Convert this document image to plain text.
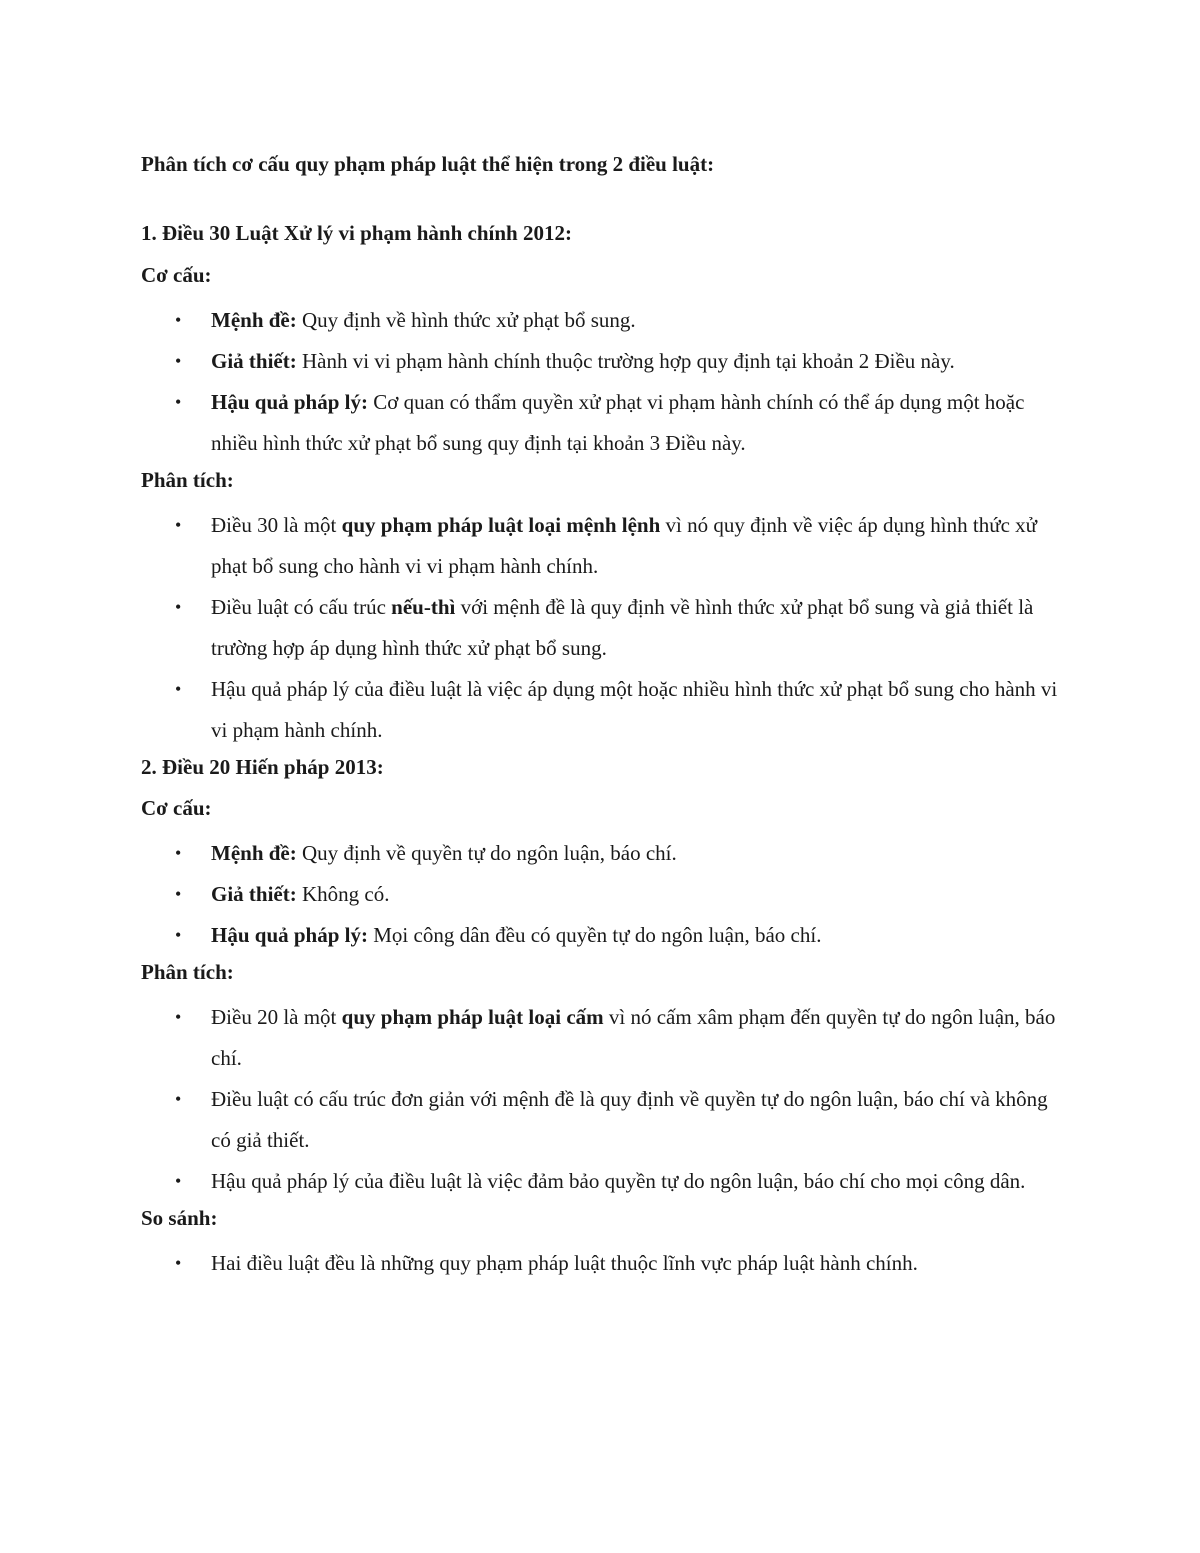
Phân tích cơ cấu quy phạm pháp luật thể hiện trong 2 điều luật:

1. Điều 30 Luật Xử lý vi phạm hành chính 2012:

Cơ cấu:

• Mệnh đề: Quy định về hình thức xử phạt bổ sung.
• Giả thiết: Hành vi vi phạm hành chính thuộc trường hợp quy định tại khoản 2 Điều này.
• Hậu quả pháp lý: Cơ quan có thẩm quyền xử phạt vi phạm hành chính có thể áp dụng một hoặc nhiều hình thức xử phạt bổ sung quy định tại khoản 3 Điều này.

Phân tích:

• Điều 30 là một quy phạm pháp luật loại mệnh lệnh vì nó quy định về việc áp dụng hình thức xử phạt bổ sung cho hành vi vi phạm hành chính.
• Điều luật có cấu trúc nếu-thì với mệnh đề là quy định về hình thức xử phạt bổ sung và giả thiết là trường hợp áp dụng hình thức xử phạt bổ sung.
• Hậu quả pháp lý của điều luật là việc áp dụng một hoặc nhiều hình thức xử phạt bổ sung cho hành vi vi phạm hành chính.

2. Điều 20 Hiến pháp 2013:

Cơ cấu:

• Mệnh đề: Quy định về quyền tự do ngôn luận, báo chí.
• Giả thiết: Không có.
• Hậu quả pháp lý: Mọi công dân đều có quyền tự do ngôn luận, báo chí.

Phân tích:

• Điều 20 là một quy phạm pháp luật loại cấm vì nó cấm xâm phạm đến quyền tự do ngôn luận, báo chí.
• Điều luật có cấu trúc đơn giản với mệnh đề là quy định về quyền tự do ngôn luận, báo chí và không có giả thiết.
• Hậu quả pháp lý của điều luật là việc đảm bảo quyền tự do ngôn luận, báo chí cho mọi công dân.

So sánh:

• Hai điều luật đều là những quy phạm pháp luật thuộc lĩnh vực pháp luật hành chính.
